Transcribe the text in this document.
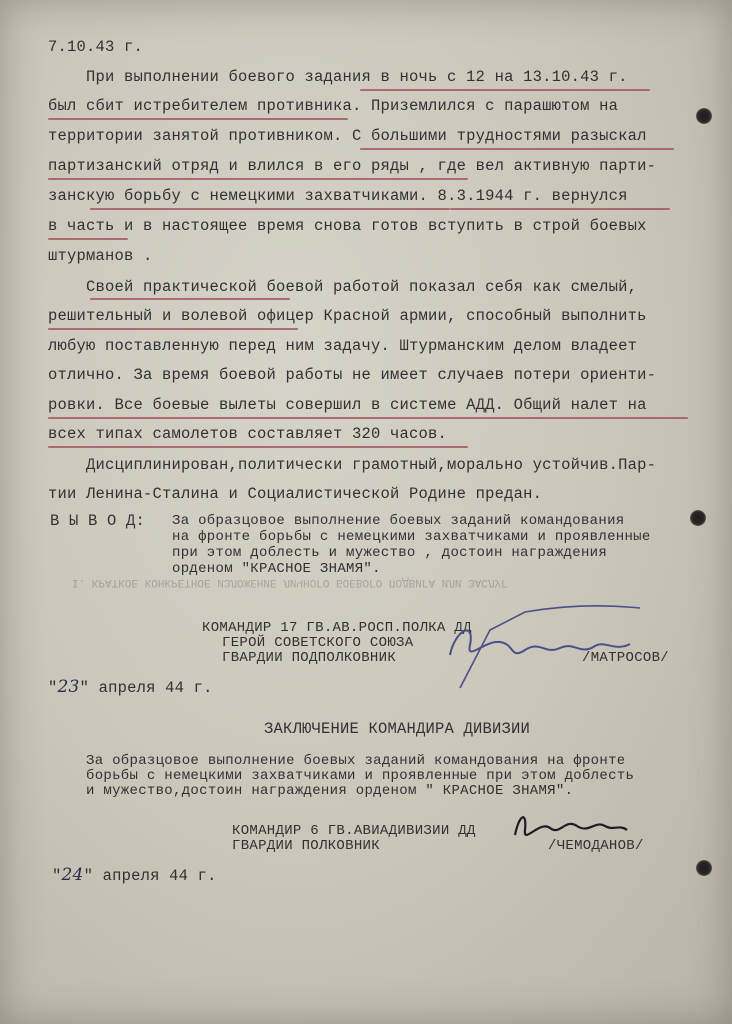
7.10.43 г.
При выполнении боевого задания в ночь с 12 на 13.10.43 г.
был сбит истребителем противника. Приземлился с парашютом на
территории занятой противником. С большими трудностями разыскал
партизанский отряд и влился в его ряды , где вел активную парти-
занскую борьбу с немецкими захватчиками. 8.3.1944 г. вернулся
в часть и в настоящее время снова готов вступить в строй боевых
штурманов .
Своей практической боевой работой показал себя как смелый,
решительный и волевой офицер Красной армии, способный выполнить
любую поставленную перед ним задачу. Штурманским делом владеет
отлично. За время боевой работы не имеет случаев потери ориенти-
ровки. Все боевые вылеты совершил в системе АДД. Общий налет на
всех типах самолетов составляет 320 часов.
Дисциплинирован,политически грамотный,морально устойчив.Пар-
тии Ленина-Сталина и Социалистической Родине предан.
В Ы В О Д: За образцовое выполнение боевых заданий командования
на фронте борьбы с немецкими захватчиками и проявленные
при этом доблесть и мужество , достоин награждения
орденом "КРАСНОЕ ЗНАМЯ".
I. КРАТКОЕ КОНКРЕТНОЕ ИЗЛОЖЕНИЕ ЛИЧНОГО БОЕВОГО ПОДВИГА ИЛИ ЗАСЛУГ
КОМАНДИР 17 ГВ.АВ.РОСП.ПОЛКА ДД
ГЕРОЙ СОВЕТСКОГО СОЮЗА
ГВАРДИИ ПОДПОЛКОВНИК	/МАТРОСОВ/
"23" апреля 44 г.
ЗАКЛЮЧЕНИЕ КОМАНДИРА ДИВИЗИИ
За образцовое выполнение боевых заданий командования на фронте
борьбы с немецкими захватчиками и проявленные при этом доблесть
и мужество,достоин награждения орденом " КРАСНОЕ ЗНАМЯ".
КОМАНДИР 6 ГВ.АВИАДИВИЗИИ ДД
ГВАРДИИ ПОЛКОВНИК	/ЧЕМОДАНОВ/
"24" апреля 44 г.
